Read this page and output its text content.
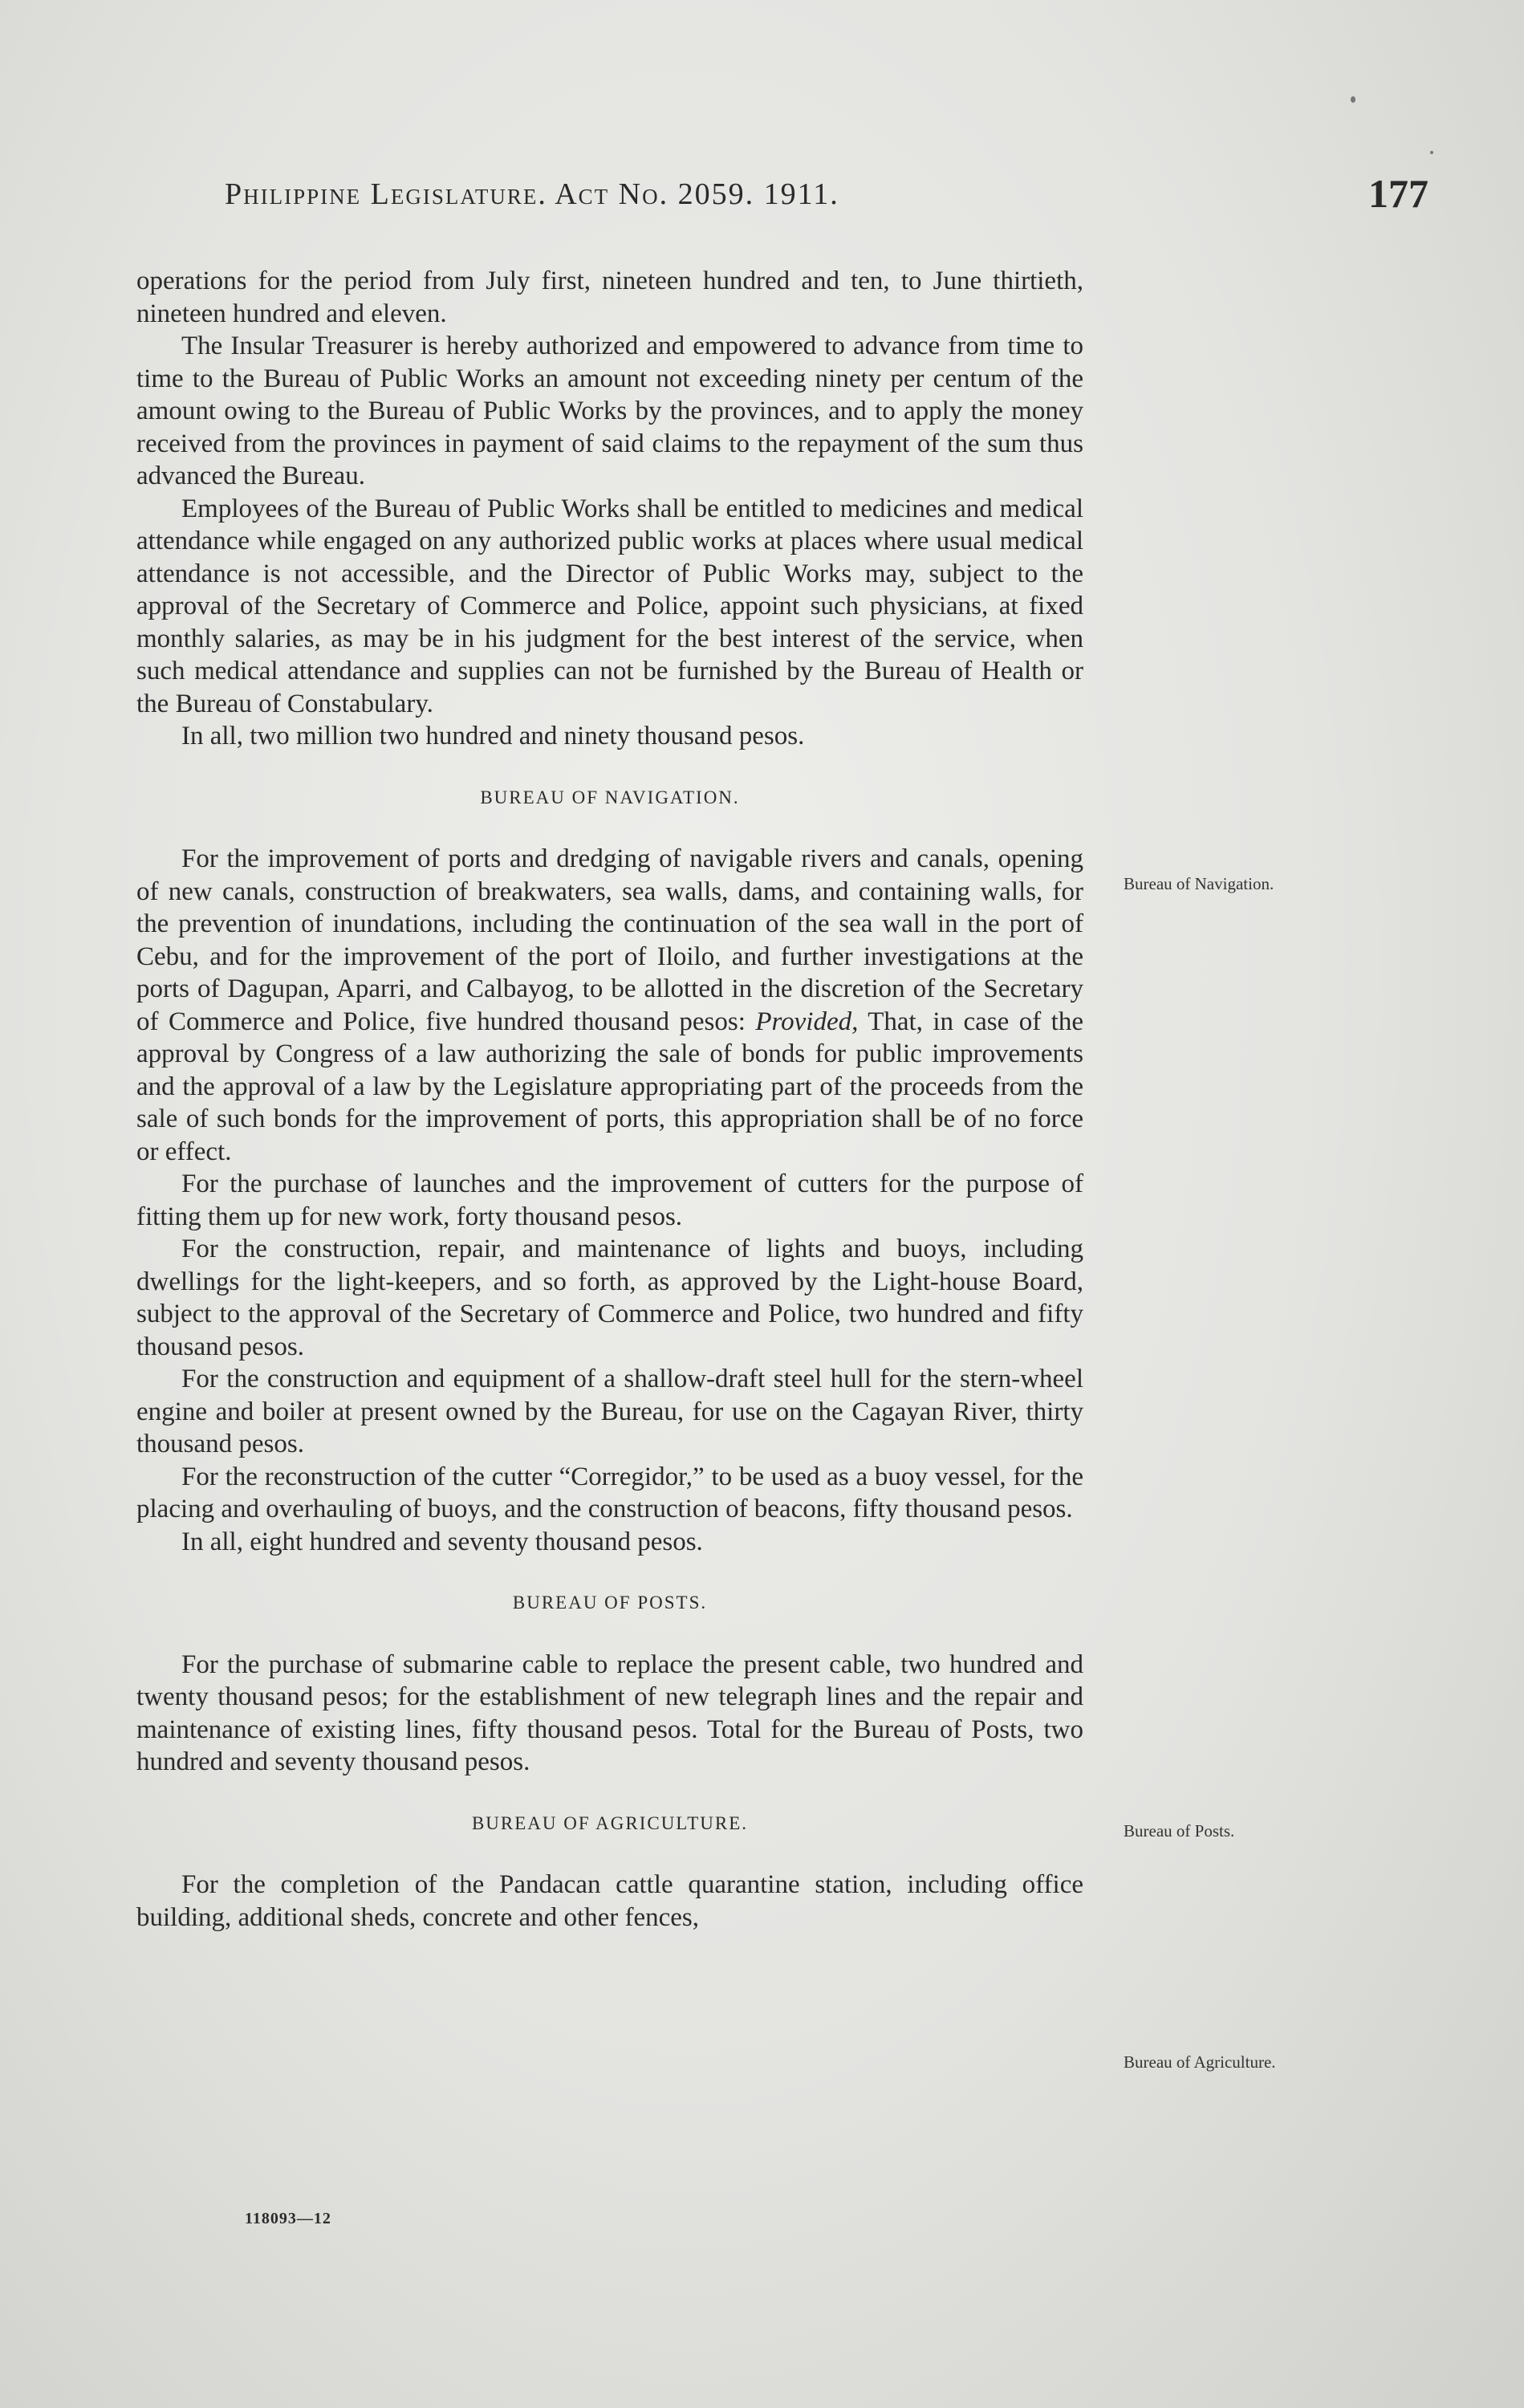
Philippine Legislature. Act No. 2059. 1911.	177

operations for the period from July first, nineteen hundred and ten, to June thirtieth, nineteen hundred and eleven.

The Insular Treasurer is hereby authorized and empowered to advance from time to time to the Bureau of Public Works an amount not exceeding ninety per centum of the amount owing to the Bureau of Public Works by the provinces, and to apply the money received from the provinces in payment of said claims to the repayment of the sum thus advanced the Bureau.

Employees of the Bureau of Public Works shall be entitled to medicines and medical attendance while engaged on any authorized public works at places where usual medical attendance is not accessible, and the Director of Public Works may, subject to the approval of the Secretary of Commerce and Police, appoint such physicians, at fixed monthly salaries, as may be in his judgment for the best interest of the service, when such medical attendance and supplies can not be furnished by the Bureau of Health or the Bureau of Constabulary.

In all, two million two hundred and ninety thousand pesos.

BUREAU OF NAVIGATION.

For the improvement of ports and dredging of navigable rivers and canals, opening of new canals, construction of breakwaters, sea walls, dams, and containing walls, for the prevention of inundations, including the continuation of the sea wall in the port of Cebu, and for the improvement of the port of Iloilo, and further investigations at the ports of Dagupan, Aparri, and Calbayog, to be allotted in the discretion of the Secretary of Commerce and Police, five hundred thousand pesos: Provided, That, in case of the approval by Congress of a law authorizing the sale of bonds for public improvements and the approval of a law by the Legislature appropriating part of the proceeds from the sale of such bonds for the improvement of ports, this appropriation shall be of no force or effect.

For the purchase of launches and the improvement of cutters for the purpose of fitting them up for new work, forty thousand pesos.

For the construction, repair, and maintenance of lights and buoys, including dwellings for the light-keepers, and so forth, as approved by the Light-house Board, subject to the approval of the Secretary of Commerce and Police, two hundred and fifty thousand pesos.

For the construction and equipment of a shallow-draft steel hull for the stern-wheel engine and boiler at present owned by the Bureau, for use on the Cagayan River, thirty thousand pesos.

For the reconstruction of the cutter “Corregidor,” to be used as a buoy vessel, for the placing and overhauling of buoys, and the construction of beacons, fifty thousand pesos.

In all, eight hundred and seventy thousand pesos.

BUREAU OF POSTS.

For the purchase of submarine cable to replace the present cable, two hundred and twenty thousand pesos; for the establishment of new telegraph lines and the repair and maintenance of existing lines, fifty thousand pesos. Total for the Bureau of Posts, two hundred and seventy thousand pesos.

BUREAU OF AGRICULTURE.

For the completion of the Pandacan cattle quarantine station, including office building, additional sheds, concrete and other fences,

Bureau of Navigation.
Bureau of Posts.
Bureau of Agriculture.
118093—12
